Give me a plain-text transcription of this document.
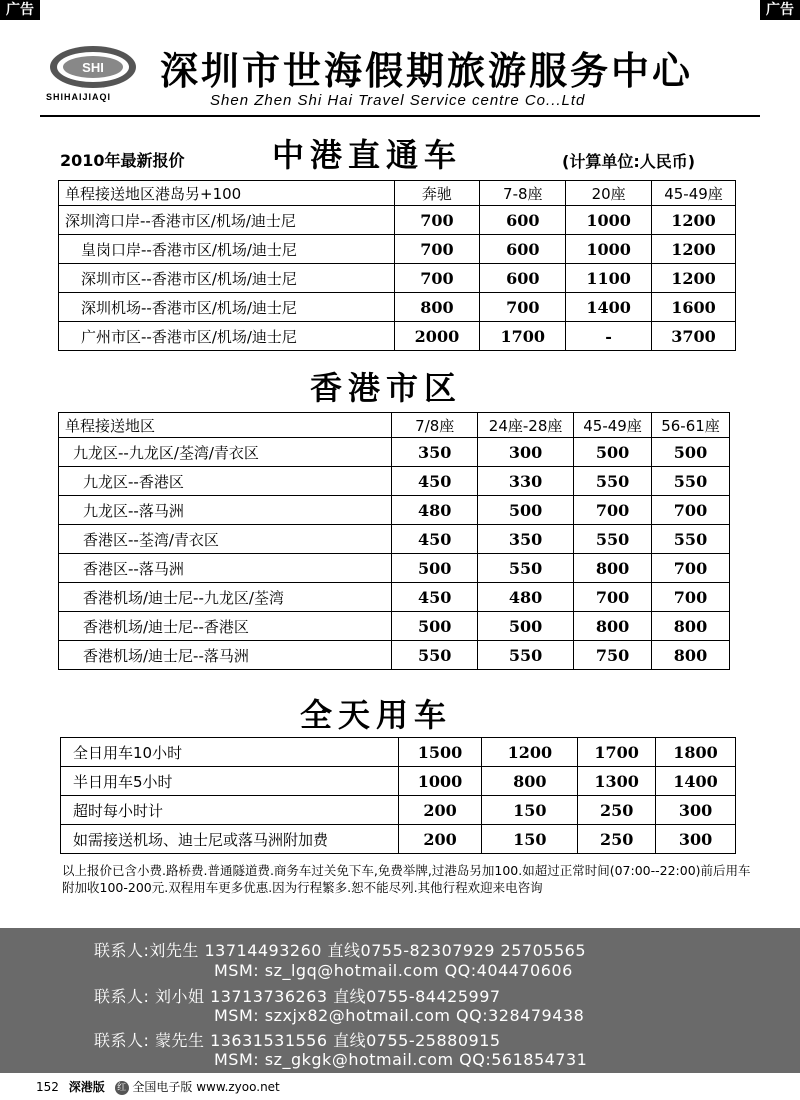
广告	广告
SHI
SHIHAIJIAQI
深圳市世海假期旅游服务中心
Shen Zhen Shi Hai Travel Service centre Co...Ltd
2010年最新报价	中港直通车	(计算单位:人民币)
单程接送地区港岛另+100	奔驰	7-8座	20座	45-49座
深圳湾口岸--香港市区/机场/迪士尼	700	600	1000	1200
皇岗口岸--香港市区/机场/迪士尼	700	600	1000	1200
深圳市区--香港市区/机场/迪士尼	700	600	1100	1200
深圳机场--香港市区/机场/迪士尼	800	700	1400	1600
广州市区--香港市区/机场/迪士尼	2000	1700	-	3700
香港市区
单程接送地区	7/8座	24座-28座	45-49座	56-61座
九龙区--九龙区/荃湾/青衣区	350	300	500	500
九龙区--香港区	450	330	550	550
九龙区--落马洲	480	500	700	700
香港区--荃湾/青衣区	450	350	550	550
香港区--落马洲	500	550	800	700
香港机场/迪士尼--九龙区/荃湾	450	480	700	700
香港机场/迪士尼--香港区	500	500	800	800
香港机场/迪士尼--落马洲	550	550	750	800
全天用车
全日用车10小时	1500	1200	1700	1800
半日用车5小时	1000	800	1300	1400
超时每小时计	200	150	250	300
如需接送机场、迪士尼或落马洲附加费	200	150	250	300
以上报价已含小费.路桥费.普通隧道费.商务车过关免下车,免费举牌,过港岛另加100.如超过正常时间(07:00--22:00)前后用车附加收100-200元.双程用车更多优惠.因为行程繁多.恕不能尽列.其他行程欢迎来电咨询
联系人:刘先生 13714493260 直线0755-82307929 25705565
MSM: sz_lgq@hotmail.com QQ:404470606
联系人: 刘小姐 13713736263 直线0755-84425997
MSM: szxjx82@hotmail.com QQ:328479438
联系人: 蒙先生 13631531556 直线0755-25880915
MSM: sz_gkgk@hotmail.com QQ:561854731
152 深港版 红 全国电子版 www.zyoo.net
